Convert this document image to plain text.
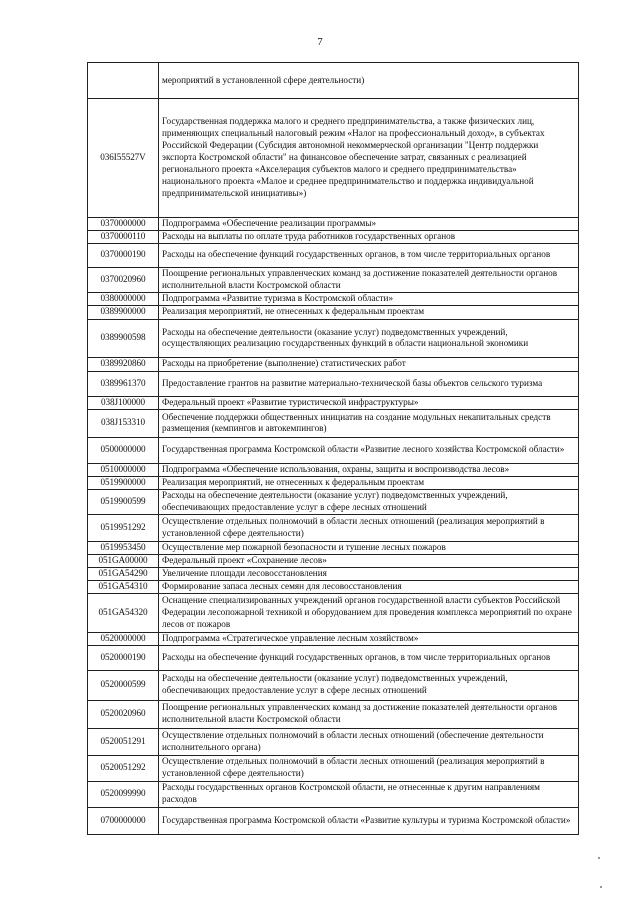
7
	мероприятий в установленной сфере деятельности)
036I55527V	Государственная поддержка малого и среднего предпринимательства, а также физических лиц, применяющих специальный налоговый режим «Налог на профессиональный доход», в субъектах Российской Федерации (Субсидия автономной некоммерческой организации "Центр поддержки экспорта Костромской области" на финансовое обеспечение затрат, связанных с реализацией регионального проекта «Акселерация субъектов малого и среднего предпринимательства» национального проекта «Малое и среднее предпринимательство и поддержка индивидуальной предпринимательской инициативы»)
0370000000	Подпрограмма «Обеспечение реализации программы»
0370000110	Расходы на выплаты по оплате труда работников государственных органов
0370000190	Расходы на обеспечение функций государственных органов, в том числе территориальных органов
0370020960	Поощрение региональных управленческих команд за достижение показателей деятельности органов исполнительной власти Костромской области
0380000000	Подпрограмма «Развитие туризма в Костромской области»
0389900000	Реализация мероприятий, не отнесенных к федеральным проектам
0389900598	Расходы на обеспечение деятельности (оказание услуг) подведомственных учреждений, осуществляющих реализацию государственных функций в области национальной экономики
0389920860	Расходы на приобретение (выполнение) статистических работ
0389961370	Предоставление грантов на развитие материально-технической базы объектов сельского туризма
038J100000	Федеральный проект «Развитие туристической инфраструктуры»
038J153310	Обеспечение поддержки общественных инициатив на создание модульных некапитальных средств размещения (кемпингов и автокемпингов)
0500000000	Государственная программа Костромской области «Развитие лесного хозяйства Костромской области»
0510000000	Подпрограмма «Обеспечение использования, охраны, защиты и воспроизводства лесов»
0519900000	Реализация мероприятий, не отнесенных к федеральным проектам
0519900599	Расходы на обеспечение деятельности (оказание услуг) подведомственных учреждений, обеспечивающих предоставление услуг в сфере лесных отношений
0519951292	Осуществление отдельных полномочий в области лесных отношений (реализация мероприятий в установленной сфере деятельности)
0519953450	Осуществление мер пожарной безопасности и тушение лесных пожаров
051GA00000	Федеральный проект «Сохранение лесов»
051GA54290	Увеличение площади лесовосстановления
051GA54310	Формирование запаса лесных семян для лесовосстановления
051GA54320	Оснащение специализированных учреждений органов государственной власти субъектов Российской Федерации лесопожарной техникой и оборудованием для проведения комплекса мероприятий по охране лесов от пожаров
0520000000	Подпрограмма «Стратегическое управление лесным хозяйством»
0520000190	Расходы на обеспечение функций государственных органов, в том числе территориальных органов
0520000599	Расходы на обеспечение деятельности (оказание услуг) подведомственных учреждений, обеспечивающих предоставление услуг в сфере лесных отношений
0520020960	Поощрение региональных управленческих команд за достижение показателей деятельности органов исполнительной власти Костромской области
0520051291	Осуществление отдельных полномочий в области лесных отношений (обеспечение деятельности исполнительного органа)
0520051292	Осуществление отдельных полномочий в области лесных отношений (реализация мероприятий в установленной сфере деятельности)
0520099990	Расходы государственных органов Костромской области, не отнесенные к другим направлениям расходов
0700000000	Государственная программа Костромской области «Развитие культуры и туризма Костромской области»
